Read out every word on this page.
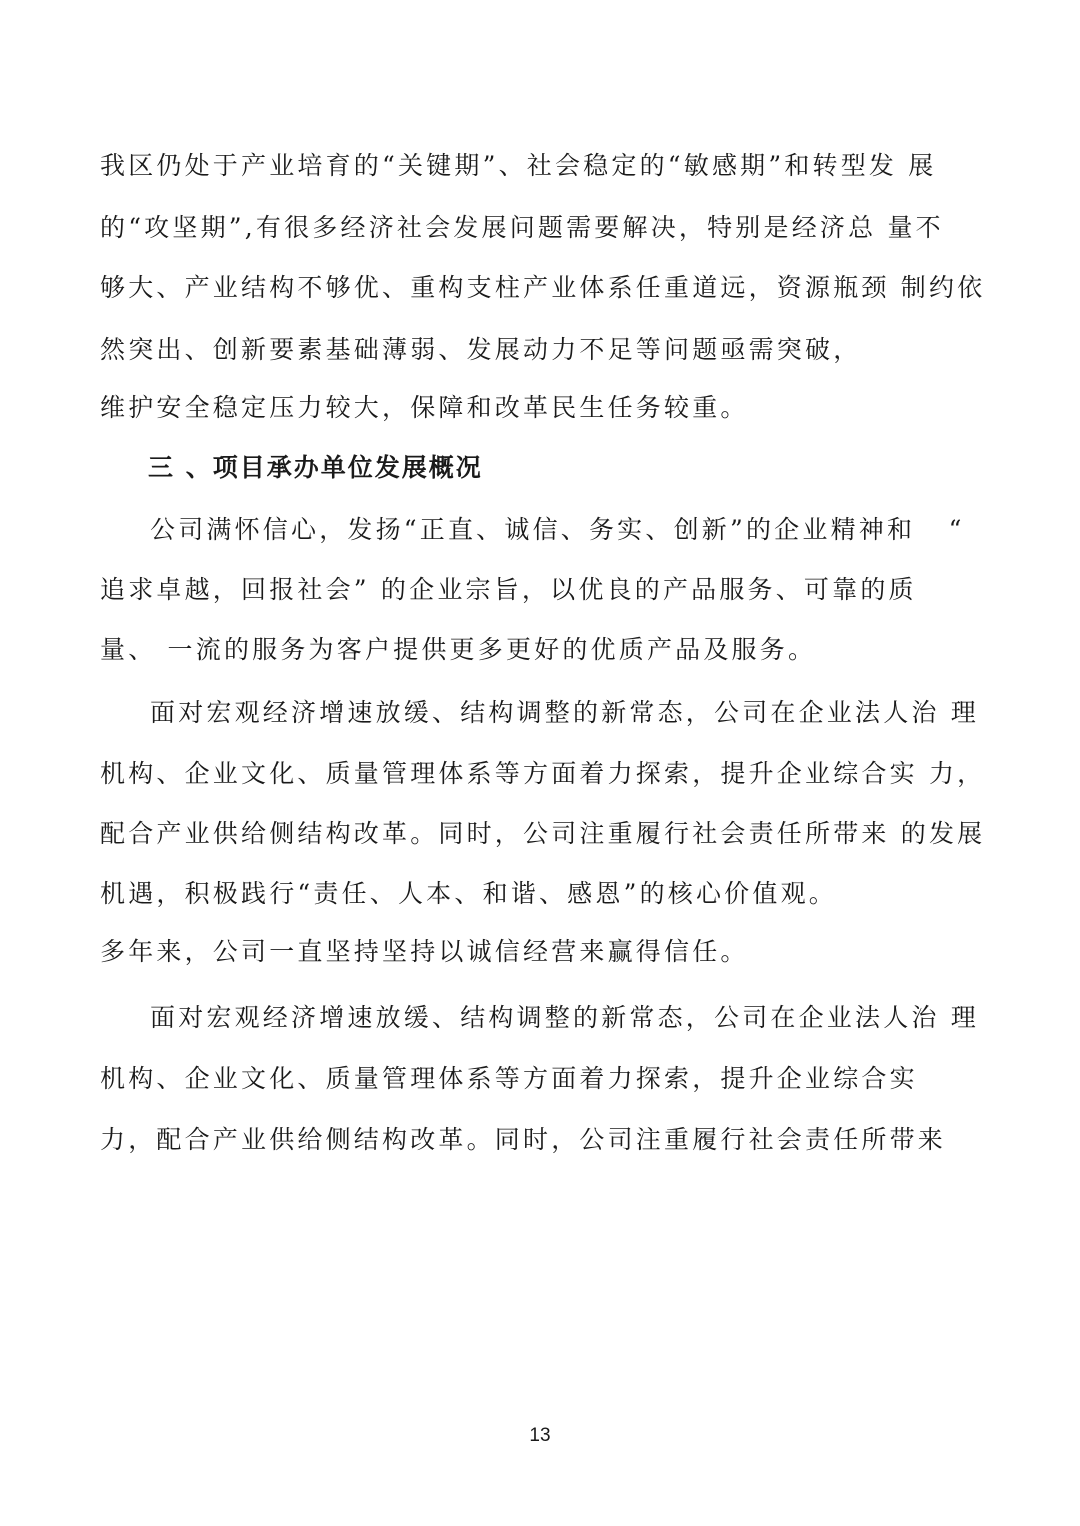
我区仍处于产业培育的“关键期”、社会稳定的“敏感期”和转型发 展
的“攻坚期”,有很多经济社会发展问题需要解决，特别是经济总 量不
够大、产业结构不够优、重构支柱产业体系任重道远，资源瓶颈 制约依
然突出、创新要素基础薄弱、发展动力不足等问题亟需突破，
维护安全稳定压力较大，保障和改革民生任务较重。
三 、项目承办单位发展概况
公司满怀信心，发扬“正直、诚信、务实、创新”的企业精神和   “
追求卓越，回报社会” 的企业宗旨，以优良的产品服务、可靠的质
量、 一流的服务为客户提供更多更好的优质产品及服务。
面对宏观经济增速放缓、结构调整的新常态，公司在企业法人治 理
机构、企业文化、质量管理体系等方面着力探索，提升企业综合实 力，
配合产业供给侧结构改革。同时，公司注重履行社会责任所带来 的发展
机遇，积极践行“责任、人本、和谐、感恩”的核心价值观。
多年来，公司一直坚持坚持以诚信经营来赢得信任。
面对宏观经济增速放缓、结构调整的新常态，公司在企业法人治 理
机构、企业文化、质量管理体系等方面着力探索，提升企业综合实
力，配合产业供给侧结构改革。同时，公司注重履行社会责任所带来
13
